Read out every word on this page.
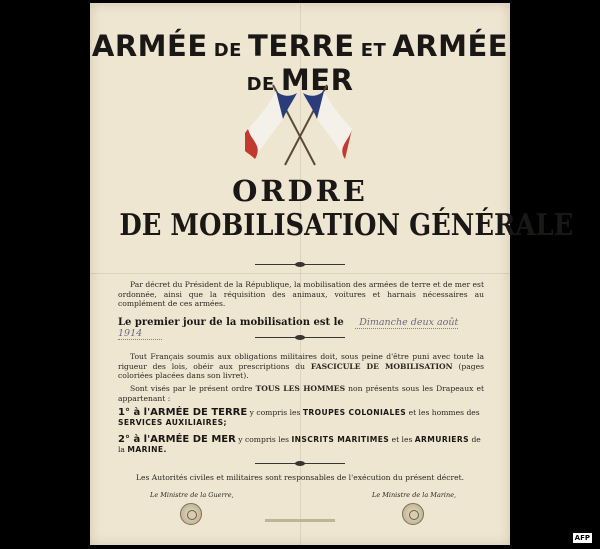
ARMÉE DE TERRE ET ARMÉE DE MER
ORDRE
DE MOBILISATION GÉNÉRALE
Par décret du Président de la République, la mobilisation des armées de terre et de mer est ordonnée, ainsi que la réquisition des animaux, voitures et harnais nécessaires au complément de ces armées.
Le premier jour de la mobilisation est le Dimanche deux août 1914
Tout Français soumis aux obligations militaires doit, sous peine d'être puni avec toute la rigueur des lois, obéir aux prescriptions du FASCICULE DE MOBILISATION (pages coloriées placées dans son livret).
Sont visés par le présent ordre TOUS LES HOMMES non présents sous les Drapeaux et appartenant :
1° à l'ARMÉE DE TERRE y compris les TROUPES COLONIALES et les hommes des SERVICES AUXILIAIRES;
2° à l'ARMÉE DE MER y compris les INSCRITS MARITIMES et les ARMURIERS de la MARINE.
Les Autorités civiles et militaires sont responsables de l'exécution du présent décret.
Le Ministre de la Guerre,	Le Ministre de la Marine,
AFP
